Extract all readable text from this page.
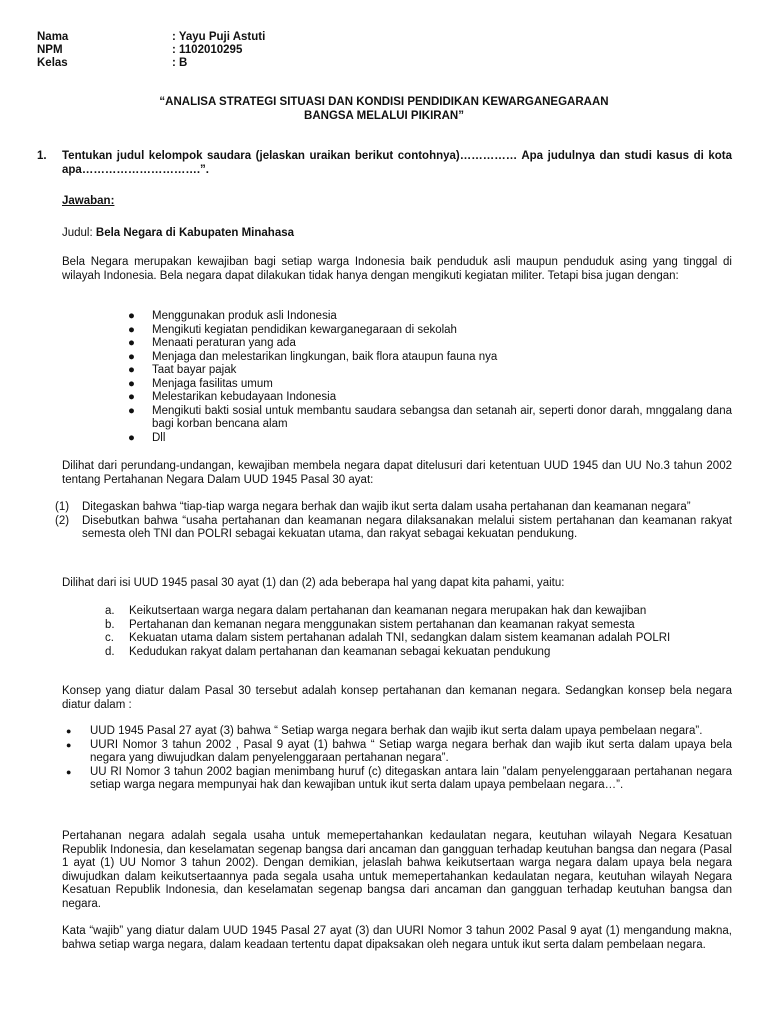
Nama	: Yayu Puji Astuti
NPM	: 1102010295
Kelas	: B
“ANALISA STRATEGI SITUASI DAN KONDISI PENDIDIKAN KEWARGANEGARAAN
BANGSA MELALUI PIKIRAN”
1.	Tentukan judul kelompok saudara (jelaskan uraikan berikut contohnya)…………… Apa judulnya dan studi kasus di kota apa………………………….”.
Jawaban:
Judul: Bela Negara di Kabupaten Minahasa
Bela Negara merupakan kewajiban bagi setiap warga Indonesia baik penduduk asli maupun penduduk asing yang tinggal di wilayah Indonesia. Bela negara dapat dilakukan tidak hanya dengan mengikuti kegiatan militer. Tetapi bisa jugan dengan:
● Menggunakan produk asli Indonesia
● Mengikuti kegiatan pendidikan kewarganegaraan di sekolah
● Menaati peraturan yang ada
● Menjaga dan melestarikan lingkungan, baik flora ataupun fauna nya
● Taat bayar pajak
● Menjaga fasilitas umum
● Melestarikan kebudayaan Indonesia
● Mengikuti bakti sosial untuk membantu saudara sebangsa dan setanah air, seperti donor darah, mnggalang dana bagi korban bencana alam
● Dll
Dilihat dari perundang-undangan, kewajiban membela negara dapat ditelusuri dari ketentuan UUD 1945 dan UU No.3 tahun 2002 tentang Pertahanan Negara Dalam UUD 1945 Pasal 30 ayat:
(1) Ditegaskan bahwa “tiap-tiap warga negara berhak dan wajib ikut serta dalam usaha pertahanan dan keamanan negara”
(2) Disebutkan bahwa “usaha pertahanan dan keamanan negara dilaksanakan melalui sistem pertahanan dan keamanan rakyat semesta oleh TNI dan POLRI sebagai kekuatan utama, dan rakyat sebagai kekuatan pendukung.
Dilihat dari isi UUD 1945 pasal 30 ayat (1) dan (2) ada beberapa hal yang dapat kita pahami, yaitu:
a. Keikutsertaan warga negara dalam pertahanan dan keamanan negara merupakan hak dan kewajiban
b. Pertahanan dan kemanan negara menggunakan sistem pertahanan dan keamanan rakyat semesta
c. Kekuatan utama dalam sistem pertahanan adalah TNI, sedangkan dalam sistem keamanan adalah POLRI
d. Kedudukan rakyat dalam pertahanan dan keamanan sebagai kekuatan pendukung
Konsep yang diatur dalam Pasal 30 tersebut adalah konsep pertahanan dan kemanan negara. Sedangkan konsep bela negara diatur dalam :
● UUD 1945 Pasal 27 ayat (3) bahwa “ Setiap warga negara berhak dan wajib ikut serta dalam upaya pembelaan negara”.
● UURI Nomor 3 tahun 2002 , Pasal 9 ayat (1) bahwa “ Setiap warga negara berhak dan wajib ikut serta dalam upaya bela negara yang diwujudkan dalam penyelenggaraan pertahanan negara”.
● UU RI Nomor 3 tahun 2002 bagian menimbang huruf (c) ditegaskan antara lain ”dalam penyelenggaraan pertahanan negara setiap warga negara mempunyai hak dan kewajiban untuk ikut serta dalam upaya pembelaan negara…”.
Pertahanan negara adalah segala usaha untuk memepertahankan kedaulatan negara, keutuhan wilayah Negara Kesatuan Republik Indonesia, dan keselamatan segenap bangsa dari ancaman dan gangguan terhadap keutuhan bangsa dan negara (Pasal 1 ayat (1) UU Nomor 3 tahun 2002). Dengan demikian, jelaslah bahwa keikutsertaan warga negara dalam upaya bela negara diwujudkan dalam keikutsertaannya pada segala usaha untuk memepertahankan kedaulatan negara, keutuhan wilayah Negara Kesatuan Republik Indonesia, dan keselamatan segenap bangsa dari ancaman dan gangguan terhadap keutuhan bangsa dan negara.
Kata “wajib” yang diatur dalam UUD 1945 Pasal 27 ayat (3) dan UURI Nomor 3 tahun 2002 Pasal 9 ayat (1) mengandung makna, bahwa setiap warga negara, dalam keadaan tertentu dapat dipaksakan oleh negara untuk ikut serta dalam pembelaan negara.
